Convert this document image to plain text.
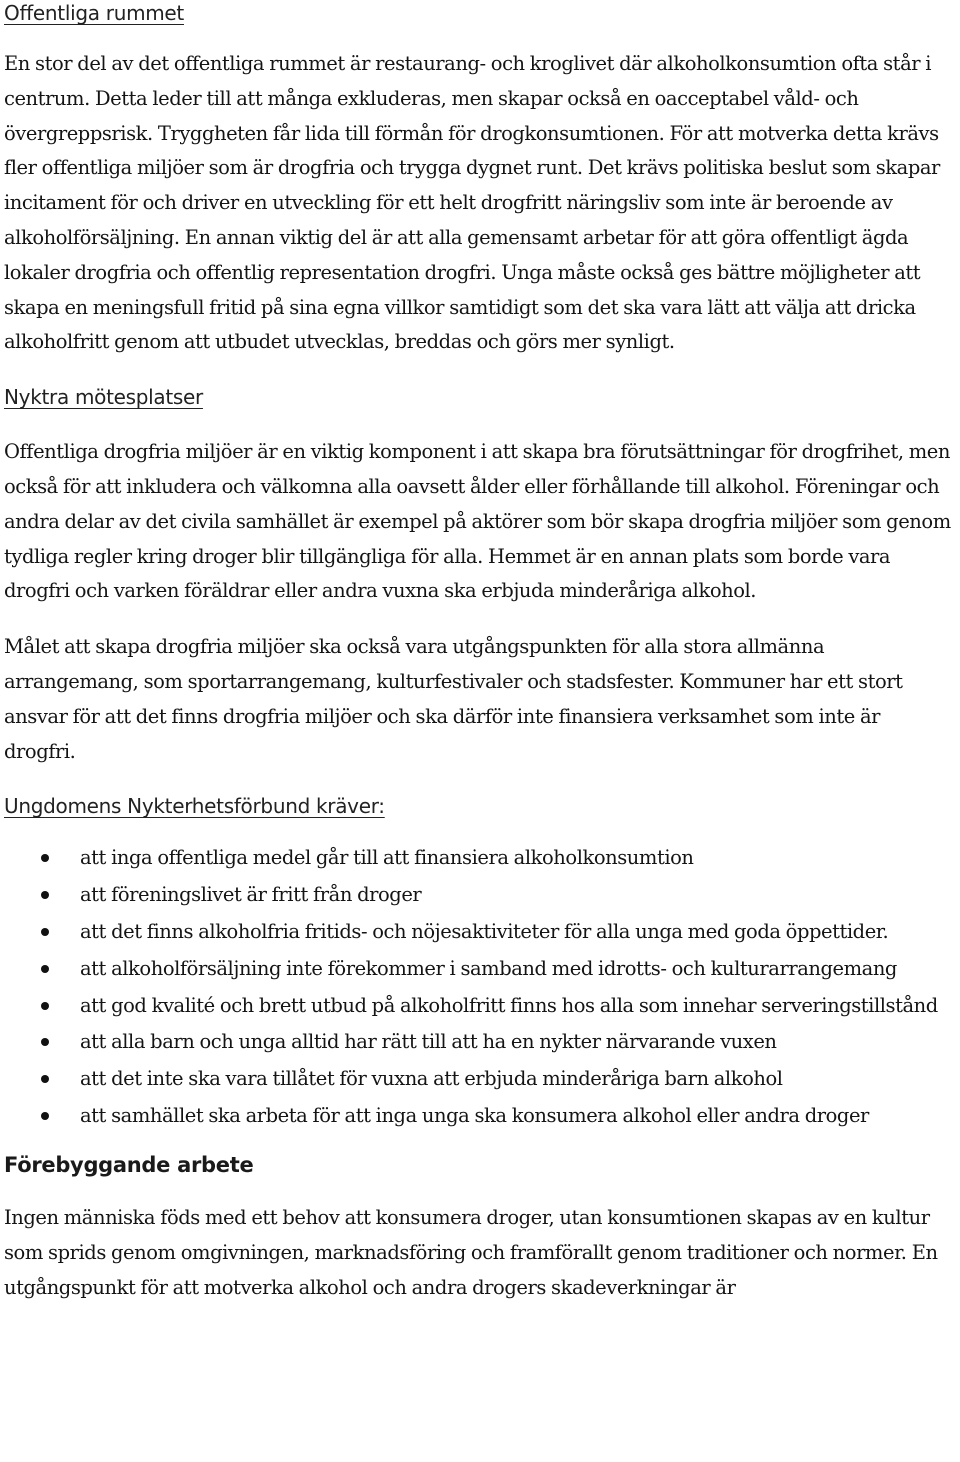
Offentliga rummet

En stor del av det offentliga rummet är restaurang- och kroglivet där alkoholkonsumtion ofta står i centrum. Detta leder till att många exkluderas, men skapar också en oacceptabel våld- och övergreppsrisk. Tryggheten får lida till förmån för drogkonsumtionen. För att motverka detta krävs fler offentliga miljöer som är drogfria och trygga dygnet runt. Det krävs politiska beslut som skapar incitament för och driver en utveckling för ett helt drogfritt näringsliv som inte är beroende av alkoholförsäljning. En annan viktig del är att alla gemensamt arbetar för att göra offentligt ägda lokaler drogfria och offentlig representation drogfri. Unga måste också ges bättre möjligheter att skapa en meningsfull fritid på sina egna villkor samtidigt som det ska vara lätt att välja att dricka alkoholfritt genom att utbudet utvecklas, breddas och görs mer synligt.

Nyktra mötesplatser

Offentliga drogfria miljöer är en viktig komponent i att skapa bra förutsättningar för drogfrihet, men också för att inkludera och välkomna alla oavsett ålder eller förhållande till alkohol. Föreningar och andra delar av det civila samhället är exempel på aktörer som bör skapa drogfria miljöer som genom tydliga regler kring droger blir tillgängliga för alla. Hemmet är en annan plats som borde vara drogfri och varken föräldrar eller andra vuxna ska erbjuda minderåriga alkohol.

Målet att skapa drogfria miljöer ska också vara utgångspunkten för alla stora allmänna arrangemang, som sportarrangemang, kulturfestivaler och stadsfester. Kommuner har ett stort ansvar för att det finns drogfria miljöer och ska därför inte finansiera verksamhet som inte är drogfri.

Ungdomens Nykterhetsförbund kräver:
att inga offentliga medel går till att finansiera alkoholkonsumtion
att föreningslivet är fritt från droger
att det finns alkoholfria fritids- och nöjesaktiviteter för alla unga med goda öppettider.
att alkoholförsäljning inte förekommer i samband med idrotts- och kulturarrangemang
att god kvalité och brett utbud på alkoholfritt finns hos alla som innehar serveringstillstånd
att alla barn och unga alltid har rätt till att ha en nykter närvarande vuxen
att det inte ska vara tillåtet för vuxna att erbjuda minderåriga barn alkohol
att samhället ska arbeta för att inga unga ska konsumera alkohol eller andra droger
Förebyggande arbete

Ingen människa föds med ett behov att konsumera droger, utan konsumtionen skapas av en kultur som sprids genom omgivningen, marknadsföring och framförallt genom traditioner och normer. En utgångspunkt för att motverka alkohol och andra drogers skadeverkningar är
